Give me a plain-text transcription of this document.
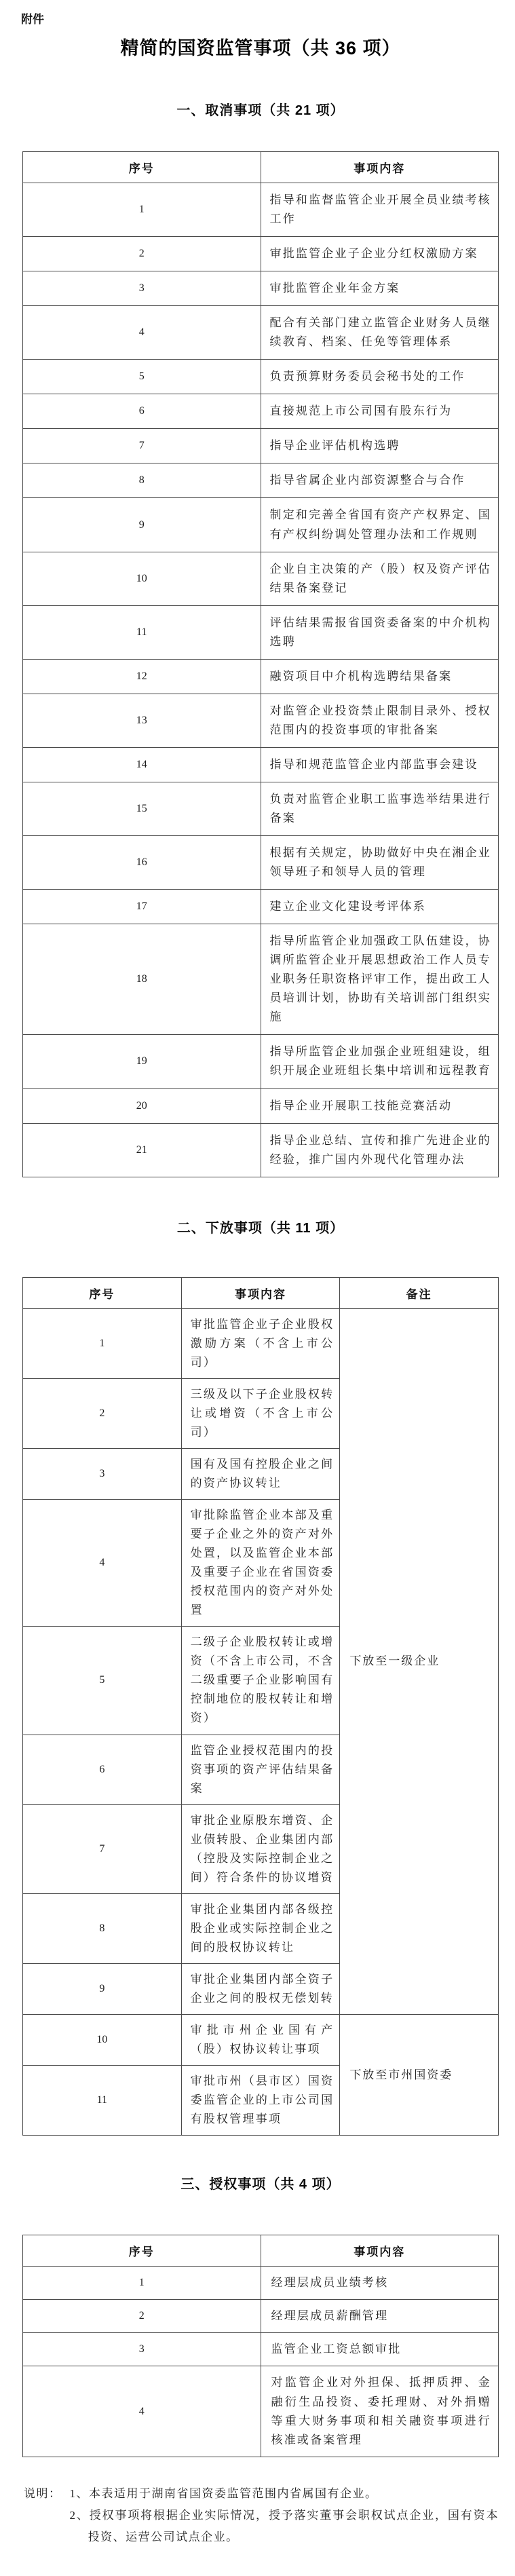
附件
精简的国资监管事项（共 36 项）
一、取消事项（共 21 项）
序号	事项内容
1	指导和监督监管企业开展全员业绩考核工作
2	审批监管企业子企业分红权激励方案
3	审批监管企业年金方案
4	配合有关部门建立监管企业财务人员继续教育、档案、任免等管理体系
5	负责预算财务委员会秘书处的工作
6	直接规范上市公司国有股东行为
7	指导企业评估机构选聘
8	指导省属企业内部资源整合与合作
9	制定和完善全省国有资产产权界定、国有产权纠纷调处管理办法和工作规则
10	企业自主决策的产（股）权及资产评估结果备案登记
11	评估结果需报省国资委备案的中介机构选聘
12	融资项目中介机构选聘结果备案
13	对监管企业投资禁止限制目录外、授权范围内的投资事项的审批备案
14	指导和规范监管企业内部监事会建设
15	负责对监管企业职工监事选举结果进行备案
16	根据有关规定，协助做好中央在湘企业领导班子和领导人员的管理
17	建立企业文化建设考评体系
18	指导所监管企业加强政工队伍建设，协调所监管企业开展思想政治工作人员专业职务任职资格评审工作，提出政工人员培训计划，协助有关培训部门组织实施
19	指导所监管企业加强企业班组建设，组织开展企业班组长集中培训和远程教育
20	指导企业开展职工技能竞赛活动
21	指导企业总结、宣传和推广先进企业的经验，推广国内外现代化管理办法
二、下放事项（共 11 项）
序号	事项内容	备注
1	审批监管企业子企业股权激励方案（不含上市公司）	下放至一级企业
2	三级及以下子企业股权转让或增资（不含上市公司）	
3	国有及国有控股企业之间的资产协议转让	
4	审批除监管企业本部及重要子企业之外的资产对外处置，以及监管企业本部及重要子企业在省国资委授权范围内的资产对外处置	
5	二级子企业股权转让或增资（不含上市公司，不含二级重要子企业影响国有控制地位的股权转让和增资）	
6	监管企业授权范围内的投资事项的资产评估结果备案	
7	审批企业原股东增资、企业债转股、企业集团内部（控股及实际控制企业之间）符合条件的协议增资	
8	审批企业集团内部各级控股企业或实际控制企业之间的股权协议转让	
9	审批企业集团内部全资子企业之间的股权无偿划转	
10	审批市州企业国有产（股）权协议转让事项	下放至市州国资委
11	审批市州（县市区）国资委监管企业的上市公司国有股权管理事项	
三、授权事项（共 4 项）
序号	事项内容
1	经理层成员业绩考核
2	经理层成员薪酬管理
3	监管企业工资总额审批
4	对监管企业对外担保、抵押质押、金融衍生品投资、委托理财、对外捐赠等重大财务事项和相关融资事项进行核准或备案管理
说明： 1、本表适用于湖南省国资委监管范围内省属国有企业。

2、授权事项将根据企业实际情况，授予落实董事会职权试点企业，国有资本投资、运营公司试点企业。
